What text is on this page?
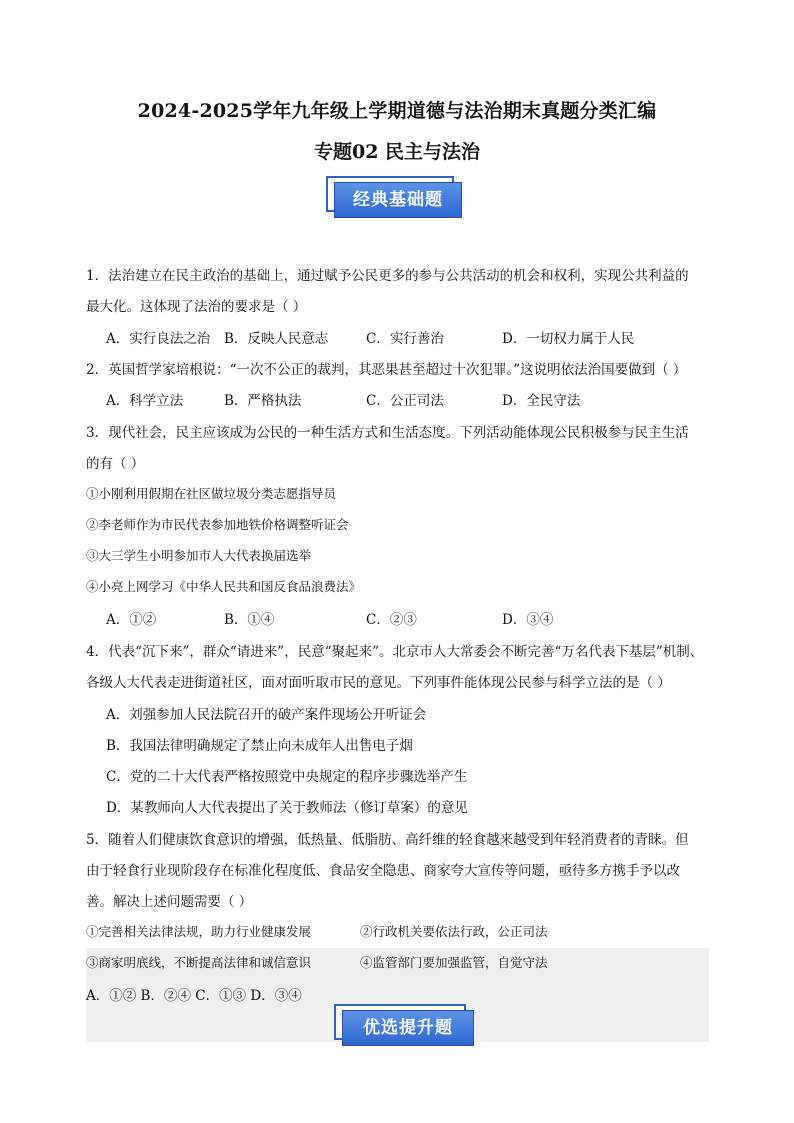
2024-2025学年九年级上学期道德与法治期末真题分类汇编
专题02 民主与法治
经典基础题
1．法治建立在民主政治的基础上，通过赋予公民更多的参与公共活动的机会和权利，实现公共利益的
最大化。这体现了法治的要求是（ ）
A．实行良法之治 B．反映人民意志	C．实行善治	D．一切权力属于人民
2．英国哲学家培根说：“一次不公正的裁判，其恶果甚至超过十次犯罪。”这说明依法治国要做到（ ）
A．科学立法	B．严格执法	C．公正司法	D．全民守法
3．现代社会，民主应该成为公民的一种生活方式和生活态度。下列活动能体现公民积极参与民主生活
的有（ ）
①小刚利用假期在社区做垃圾分类志愿指导员
②李老师作为市民代表参加地铁价格调整听证会
③大三学生小明参加市人大代表换届选举
④小亮上网学习《中华人民共和国反食品浪费法》
A．①②	B．①④	C．②③	D．③④
4．代表“沉下来”，群众“请进来”，民意“聚起来”。北京市人大常委会不断完善“万名代表下基层”机制、
各级人大代表走进街道社区，面对面听取市民的意见。下列事件能体现公民参与科学立法的是（ ）
A．刘强参加人民法院召开的破产案件现场公开听证会
B．我国法律明确规定了禁止向未成年人出售电子烟
C．党的二十大代表严格按照党中央规定的程序步骤选举产生
D．某教师向人大代表提出了关于教师法（修订草案）的意见
5．随着人们健康饮食意识的增强，低热量、低脂肪、高纤维的轻食越来越受到年轻消费者的青睐。但
由于轻食行业现阶段存在标准化程度低、食品安全隐患、商家夸大宣传等问题，亟待多方携手予以改
善。解决上述问题需要（ ）
①完善相关法律法规，助力行业健康发展	②行政机关要依法行政，公正司法
③商家明底线，不断提高法律和诚信意识	④监管部门要加强监管，自觉守法
A．①② B．②④ C．①③ D．③④
优选提升题
